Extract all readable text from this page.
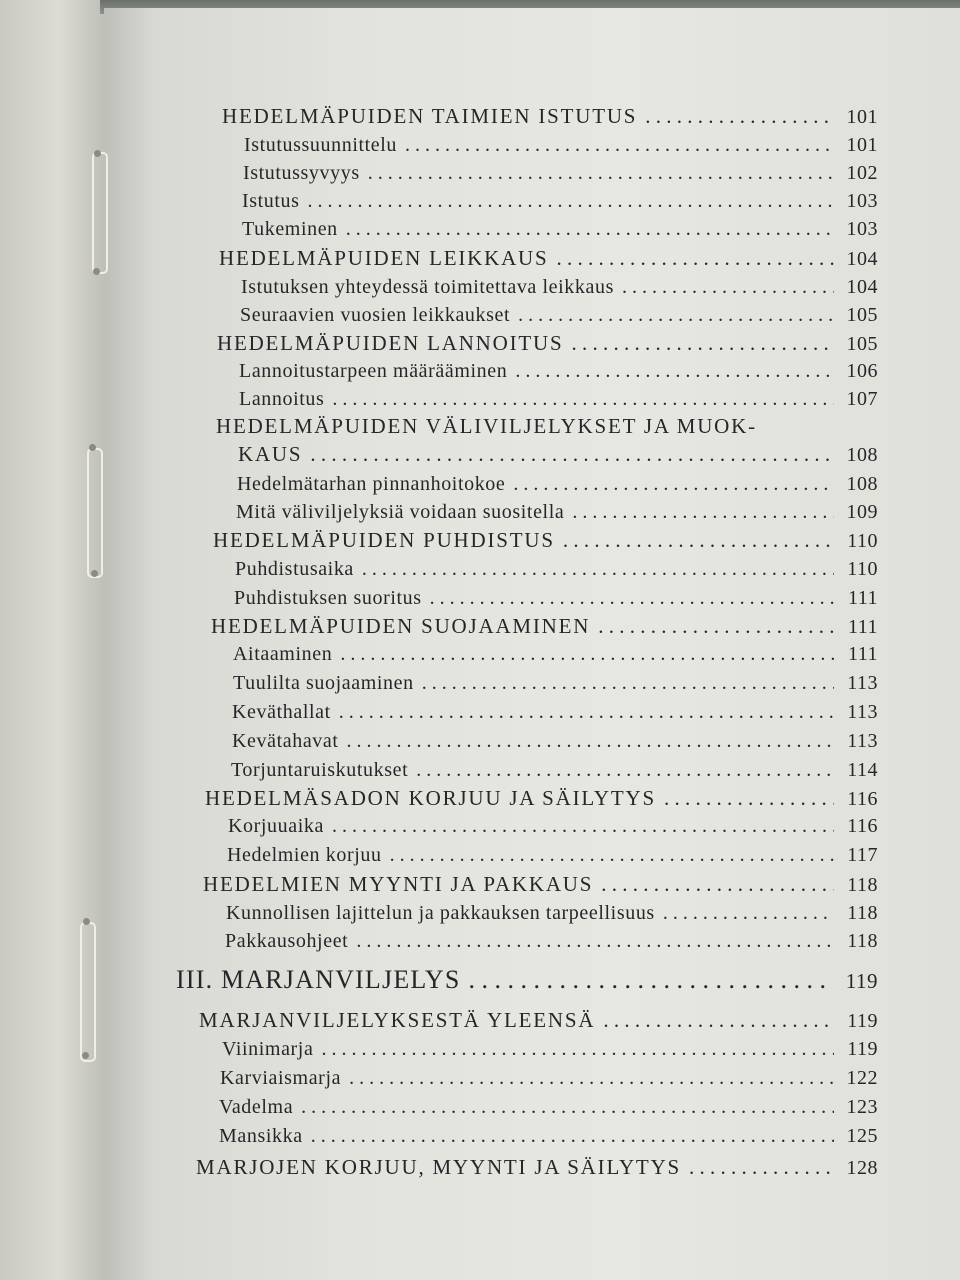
HEDELMÄPUIDEN TAIMIEN ISTUTUS . . .	101
Istutussuunnittelu . . .	101
Istutussyvyys . . .	102
Istutus . . .	103
Tukeminen . . .	103
HEDELMÄPUIDEN LEIKKAUS . . .	104
Istutuksen yhteydessä toimitettava leikkaus . . .	104
Seuraavien vuosien leikkaukset . . .	105
HEDELMÄPUIDEN LANNOITUS . . .	105
Lannoitustarpeen määrääminen . . .	106
Lannoitus . . .	107
HEDELMÄPUIDEN VÄLIVILJELYKSET JA MUOK-
KAUS . . .	108
Hedelmätarhan pinnanhoitokoe . . .	108
Mitä väliviljelyksiä voidaan suositella . . .	109
HEDELMÄPUIDEN PUHDISTUS . . .	110
Puhdistusaika . . .	110
Puhdistuksen suoritus . . .	111
HEDELMÄPUIDEN SUOJAAMINEN . . .	111
Aitaaminen . . .	111
Tuulilta suojaaminen . . .	113
Keväthallat . . .	113
Kevätahavat . . .	113
Torjuntaruiskutukset . . .	114
HEDELMÄSADON KORJUU JA SÄILYTYS . . .	116
Korjuuaika . . .	116
Hedelmien korjuu . . .	117
HEDELMIEN MYYNTI JA PAKKAUS . . .	118
Kunnollisen lajittelun ja pakkauksen tarpeellisuus . . .	118
Pakkausohjeet . . .	118
III. MARJANVILJELYS . . .	119
MARJANVILJELYKSESTÄ YLEENSÄ . . .	119
Viinimarja . . .	119
Karviaismarja . . .	122
Vadelma . . .	123
Mansikka . . .	125
MARJOJEN KORJUU, MYYNTI JA SÄILYTYS . . .	128
